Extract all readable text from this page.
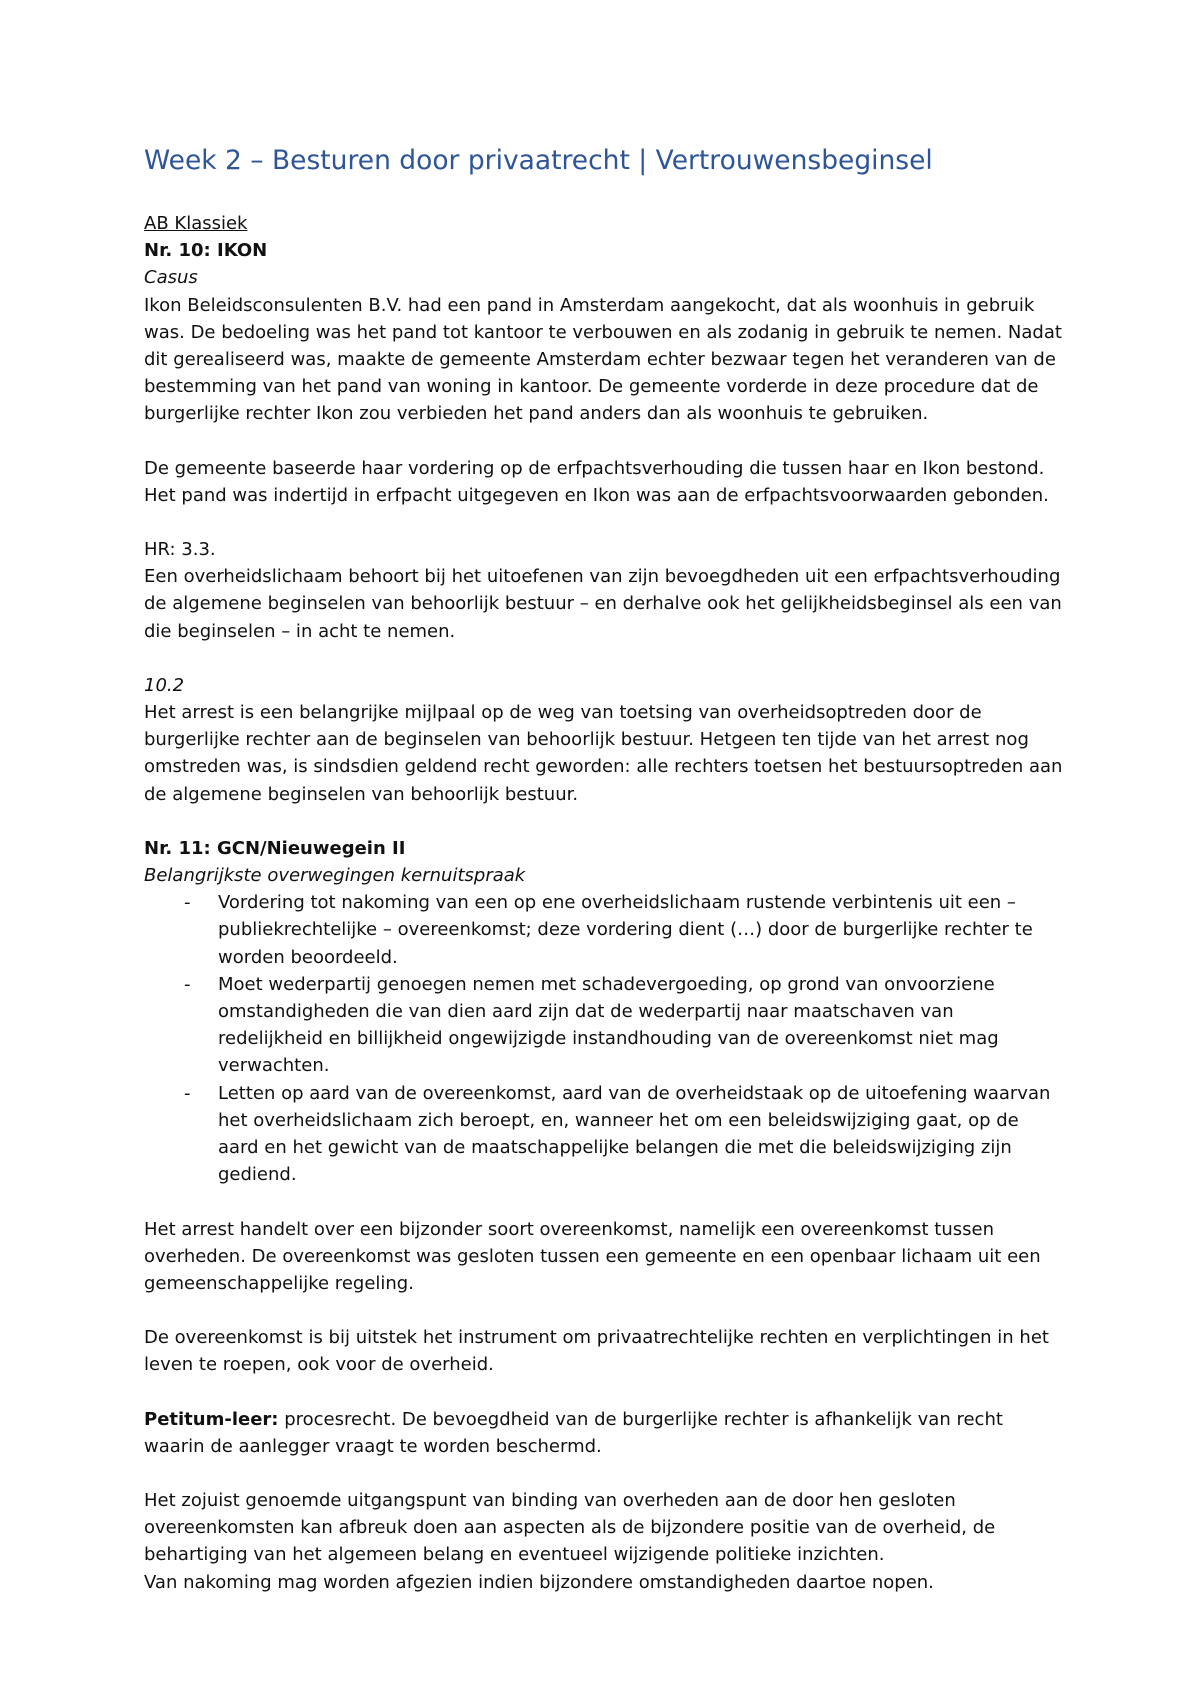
Week 2 – Besturen door privaatrecht | Vertrouwensbeginsel

AB Klassiek

Nr. 10: IKON

Casus

Ikon Beleidsconsulenten B.V. had een pand in Amsterdam aangekocht, dat als woonhuis in gebruik was. De bedoeling was het pand tot kantoor te verbouwen en als zodanig in gebruik te nemen. Nadat dit gerealiseerd was, maakte de gemeente Amsterdam echter bezwaar tegen het veranderen van de bestemming van het pand van woning in kantoor. De gemeente vorderde in deze procedure dat de burgerlijke rechter Ikon zou verbieden het pand anders dan als woonhuis te gebruiken.

De gemeente baseerde haar vordering op de erfpachtsverhouding die tussen haar en Ikon bestond. Het pand was indertijd in erfpacht uitgegeven en Ikon was aan de erfpachtsvoorwaarden gebonden.

HR: 3.3.

Een overheidslichaam behoort bij het uitoefenen van zijn bevoegdheden uit een erfpachtsverhouding de algemene beginselen van behoorlijk bestuur – en derhalve ook het gelijkheidsbeginsel als een van die beginselen – in acht te nemen.

10.2

Het arrest is een belangrijke mijlpaal op de weg van toetsing van overheidsoptreden door de burgerlijke rechter aan de beginselen van behoorlijk bestuur. Hetgeen ten tijde van het arrest nog omstreden was, is sindsdien geldend recht geworden: alle rechters toetsen het bestuursoptreden aan de algemene beginselen van behoorlijk bestuur.

Nr. 11: GCN/Nieuwegein II

Belangrijkste overwegingen kernuitspraak

- Vordering tot nakoming van een op ene overheidslichaam rustende verbintenis uit een – publiekrechtelijke – overeenkomst; deze vordering dient (…) door de burgerlijke rechter te worden beoordeeld.
- Moet wederpartij genoegen nemen met schadevergoeding, op grond van onvoorziene omstandigheden die van dien aard zijn dat de wederpartij naar maatschaven van redelijkheid en billijkheid ongewijzigde instandhouding van de overeenkomst niet mag verwachten.
- Letten op aard van de overeenkomst, aard van de overheidstaak op de uitoefening waarvan het overheidslichaam zich beroept, en, wanneer het om een beleidswijziging gaat, op de aard en het gewicht van de maatschappelijke belangen die met die beleidswijziging zijn gediend.

Het arrest handelt over een bijzonder soort overeenkomst, namelijk een overeenkomst tussen overheden. De overeenkomst was gesloten tussen een gemeente en een openbaar lichaam uit een gemeenschappelijke regeling.

De overeenkomst is bij uitstek het instrument om privaatrechtelijke rechten en verplichtingen in het leven te roepen, ook voor de overheid.

Petitum-leer: procesrecht. De bevoegdheid van de burgerlijke rechter is afhankelijk van recht waarin de aanlegger vraagt te worden beschermd.

Het zojuist genoemde uitgangspunt van binding van overheden aan de door hen gesloten overeenkomsten kan afbreuk doen aan aspecten als de bijzondere positie van de overheid, de behartiging van het algemeen belang en eventueel wijzigende politieke inzichten.

Van nakoming mag worden afgezien indien bijzondere omstandigheden daartoe nopen.
